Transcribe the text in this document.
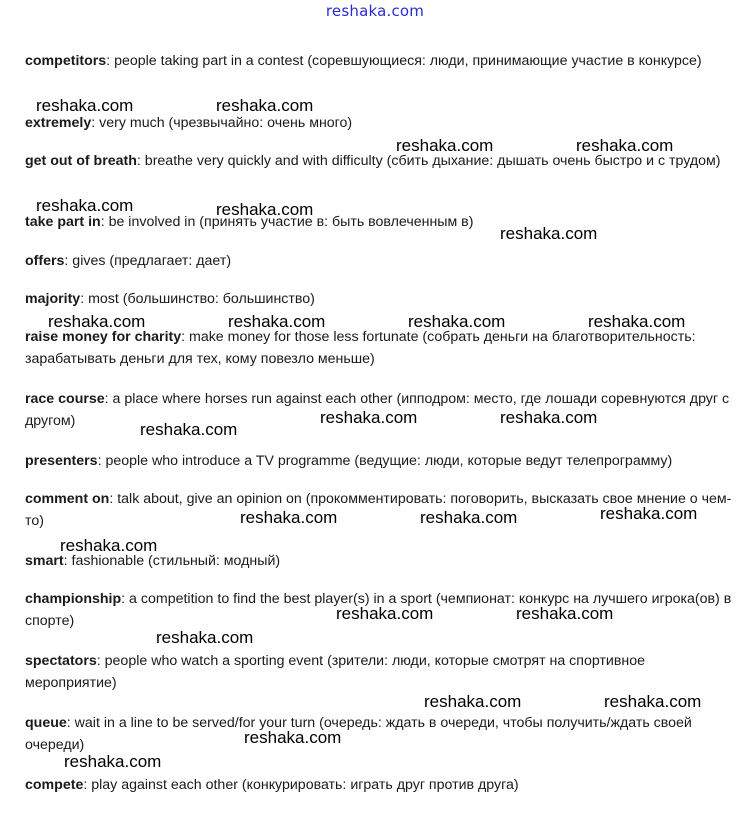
reshaka.com
competitors: people taking part in a contest (соревшующиеся: люди, принимающие участие в конкурсе)
extremely: very much (чрезвычайно: очень много)
get out of breath: breathe very quickly and with difficulty (сбить дыхание: дышать очень быстро и с трудом)
take part in: be involved in (принять участие в: быть вовлеченным в)
offers: gives (предлагает: дает)
majority: most (большинство: большинство)
raise money for charity: make money for those less fortunate (собрать деньги на благотворительность: зарабатывать деньги для тех, кому повезло меньше)
race course: a place where horses run against each other (ипподром: место, где лошади соревнуются друг с другом)
presenters: people who introduce a TV programme (ведущие: люди, которые ведут телепрограмму)
comment on: talk about, give an opinion on (прокомментировать: поговорить, высказать свое мнение о чем-то)
smart: fashionable (стильный: модный)
championship: a competition to find the best player(s) in a sport (чемпионат: конкурс на лучшего игрока(ов) в спорте)
spectators: people who watch a sporting event (зрители: люди, которые смотрят на спортивное мероприятие)
queue: wait in a line to be served/for your turn (очередь: ждать в очереди, чтобы получить/ждать своей очереди)
compete: play against each other (конкурировать: играть друг против друга)
reshaka.com	reshaka.com
reshaka.com	reshaka.com
reshaka.com	reshaka.com
reshaka.com
reshaka.com	reshaka.com	reshaka.com	reshaka.com
reshaka.com	reshaka.com
reshaka.com
reshaka.com	reshaka.com	reshaka.com
reshaka.com
reshaka.com	reshaka.com
reshaka.com
reshaka.com	reshaka.com
reshaka.com
reshaka.com
